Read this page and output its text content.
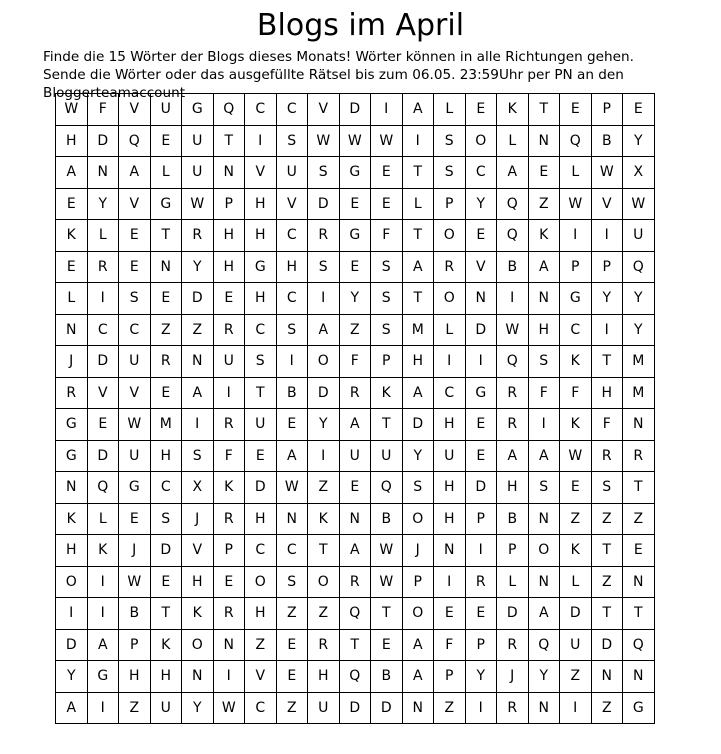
Blogs im April

Finde die 15 Wörter der Blogs dieses Monats! Wörter können in alle Richtungen gehen.
Sende die Wörter oder das ausgefüllte Rätsel bis zum 06.05. 23:59Uhr per PN an den
Bloggerteamaccount

W	F	V	U	G	Q	C	C	V	D	I	A	L	E	K	T	E	P	E
H	D	Q	E	U	T	I	S	W	W	W	I	S	O	L	N	Q	B	Y
A	N	A	L	U	N	V	U	S	G	E	T	S	C	A	E	L	W	X
E	Y	V	G	W	P	H	V	D	E	E	L	P	Y	Q	Z	W	V	W
K	L	E	T	R	H	H	C	R	G	F	T	O	E	Q	K	I	I	U
E	R	E	N	Y	H	G	H	S	E	S	A	R	V	B	A	P	P	Q
L	I	S	E	D	E	H	C	I	Y	S	T	O	N	I	N	G	Y	Y
N	C	C	Z	Z	R	C	S	A	Z	S	M	L	D	W	H	C	I	Y
J	D	U	R	N	U	S	I	O	F	P	H	I	I	Q	S	K	T	M
R	V	V	E	A	I	T	B	D	R	K	A	C	G	R	F	F	H	M
G	E	W	M	I	R	U	E	Y	A	T	D	H	E	R	I	K	F	N
G	D	U	H	S	F	E	A	I	U	U	Y	U	E	A	A	W	R	R
N	Q	G	C	X	K	D	W	Z	E	Q	S	H	D	H	S	E	S	T
K	L	E	S	J	R	H	N	K	N	B	O	H	P	B	N	Z	Z	Z
H	K	J	D	V	P	C	C	T	A	W	J	N	I	P	O	K	T	E
O	I	W	E	H	E	O	S	O	R	W	P	I	R	L	N	L	Z	N
I	I	B	T	K	R	H	Z	Z	Q	T	O	E	E	D	A	D	T	T
D	A	P	K	O	N	Z	E	R	T	E	A	F	P	R	Q	U	D	Q
Y	G	H	H	N	I	V	E	H	Q	B	A	P	Y	J	Y	Z	N	N
A	I	Z	U	Y	W	C	Z	U	D	D	N	Z	I	R	N	I	Z	G
